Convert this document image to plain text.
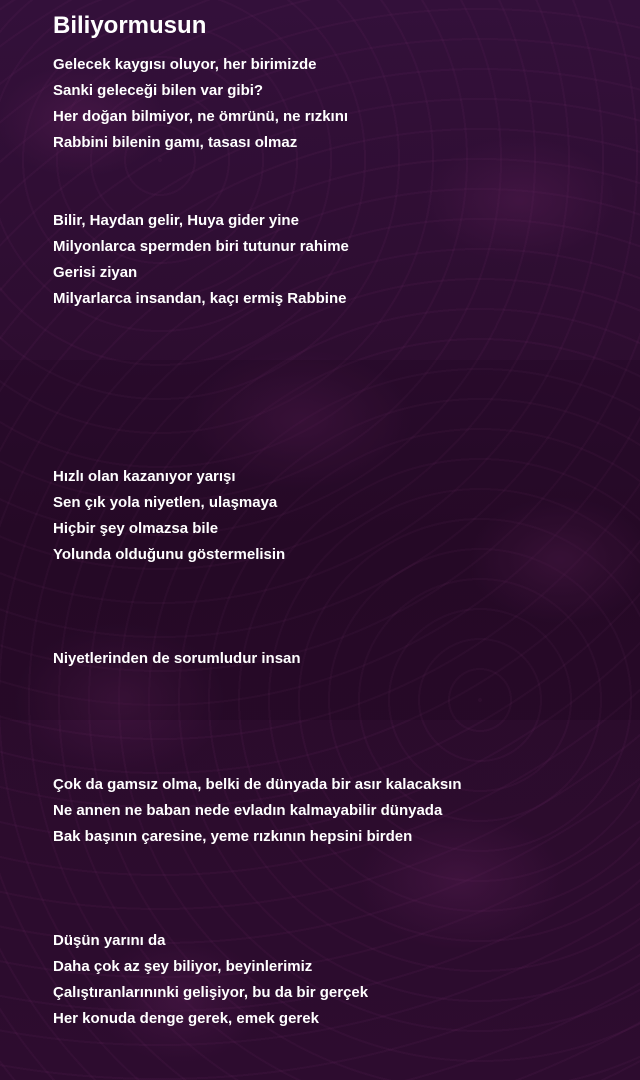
Biliyormusun
Gelecek kaygısı oluyor, her birimizde
Sanki geleceği bilen var gibi?
Her doğan bilmiyor, ne ömrünü, ne rızkını
Rabbini bilenin gamı, tasası olmaz
Bilir, Haydan gelir, Huya gider yine
Milyonlarca spermden biri tutunur rahime
Gerisi ziyan
Milyarlarca insandan, kaçı ermiş Rabbine
Hızlı olan kazanıyor yarışı
Sen çık yola niyetlen, ulaşmaya
Hiçbir şey olmazsa bile
Yolunda olduğunu göstermelisin
Niyetlerinden de sorumludur insan
Çok da gamsız olma, belki de dünyada bir asır kalacaksın
Ne annen ne baban nede evladın kalmayabilir dünyada
Bak başının çaresine, yeme rızkının hepsini birden
Düşün yarını da
Daha çok az şey biliyor, beyinlerimiz
Çalıştıranlarınınki gelişiyor, bu da bir gerçek
Her konuda denge gerek, emek gerek
